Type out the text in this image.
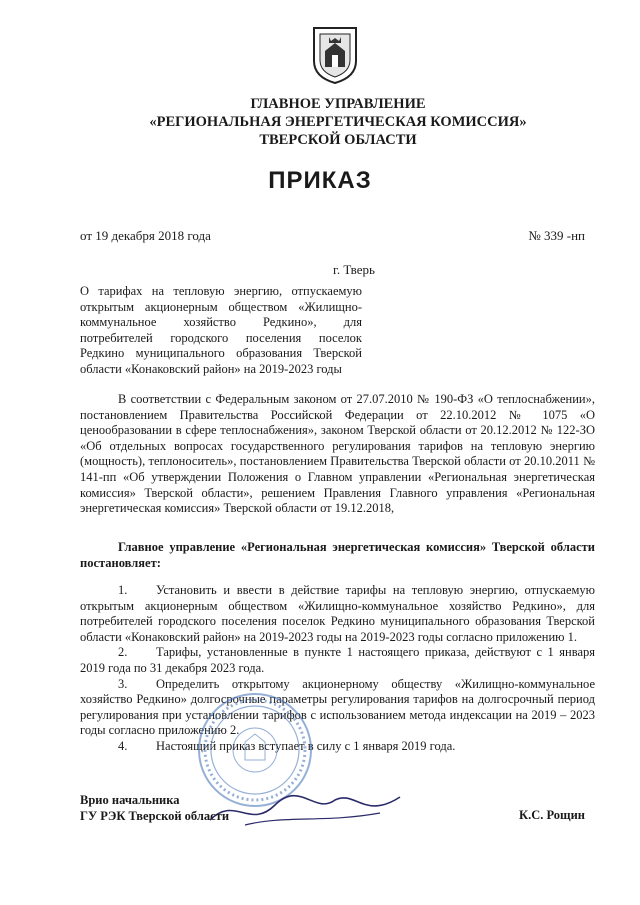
ГЛАВНОЕ УПРАВЛЕНИЕ
«РЕГИОНАЛЬНАЯ ЭНЕРГЕТИЧЕСКАЯ КОМИССИЯ»
ТВЕРСКОЙ ОБЛАСТИ
ПРИКАЗ
от 19 декабря 2018 года	№ 339 -нп
г. Тверь
О тарифах на тепловую энергию, отпускаемую
открытым акционерным обществом «Жилищно-
коммунальное хозяйство Редкино», для
потребителей городского поселения поселок
Редкино муниципального образования Тверской
области «Конаковский район» на 2019-2023 годы
В соответствии с Федеральным законом от 27.07.2010 № 190-ФЗ «О теплоснабжении», постановлением Правительства Российской Федерации от 22.10.2012 № 1075 «О ценообразовании в сфере теплоснабжения», законом Тверской области от 20.12.2012 № 122-ЗО «Об отдельных вопросах государственного регулирования тарифов на тепловую энергию (мощность), теплоноситель», постановлением Правительства Тверской области от 20.10.2011 № 141-пп «Об утверждении Положения о Главном управлении «Региональная энергетическая комиссия» Тверской области», решением Правления Главного управления «Региональная энергетическая комиссия» Тверской области от 19.12.2018,
Главное управление «Региональная энергетическая комиссия» Тверской области постановляет:

1. Установить и ввести в действие тарифы на тепловую энергию, отпускаемую открытым акционерным обществом «Жилищно-коммунальное хозяйство Редкино», для потребителей городского поселения поселок Редкино муниципального образования Тверской области «Конаковский район» на 2019-2023 годы на 2019-2023 годы согласно приложению 1.

2. Тарифы, установленные в пункте 1 настоящего приказа, действуют с 1 января 2019 года по 31 декабря 2023 года.

3. Определить открытому акционерному обществу «Жилищно-коммунальное хозяйство Редкино» долгосрочные параметры регулирования тарифов на долгосрочный период регулирования при установлении тарифов с использованием метода индексации на 2019 – 2023 годы согласно приложению 2.

4. Настоящий приказ вступает в силу с 1 января 2019 года.

Врио начальника
ГУ РЭК Тверской области	К.С. Рощин
